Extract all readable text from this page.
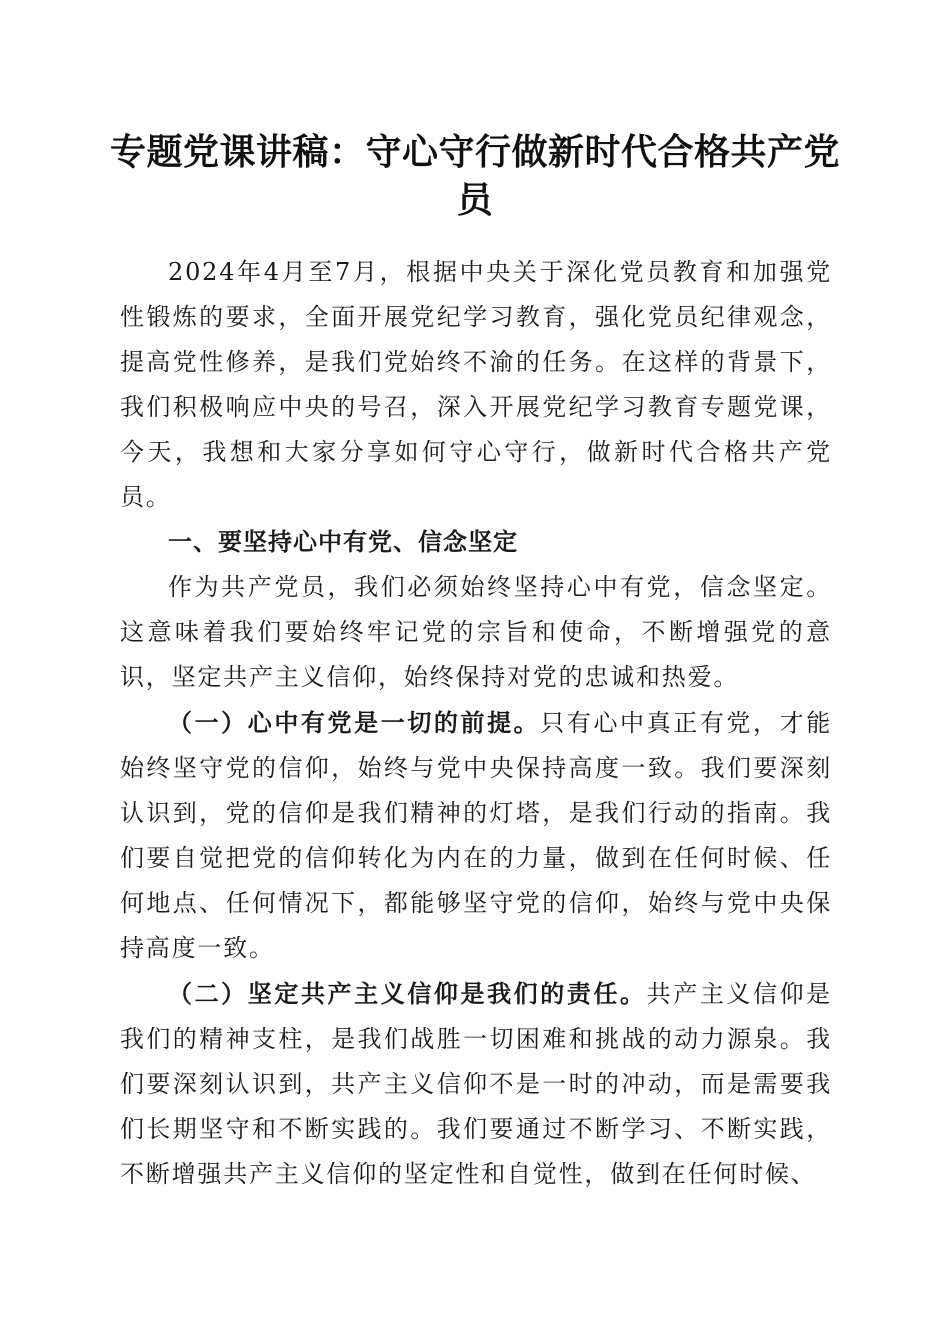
专题党课讲稿：守心守行做新时代合格共产党员

2024年4月至7月，根据中央关于深化党员教育和加强党性锻炼的要求，全面开展党纪学习教育，强化党员纪律观念，提高党性修养，是我们党始终不渝的任务。在这样的背景下，我们积极响应中央的号召，深入开展党纪学习教育专题党课，今天，我想和大家分享如何守心守行，做新时代合格共产党员。

一、要坚持心中有党、信念坚定

作为共产党员，我们必须始终坚持心中有党，信念坚定。这意味着我们要始终牢记党的宗旨和使命，不断增强党的意识，坚定共产主义信仰，始终保持对党的忠诚和热爱。

（一）心中有党是一切的前提。只有心中真正有党，才能始终坚守党的信仰，始终与党中央保持高度一致。我们要深刻认识到，党的信仰是我们精神的灯塔，是我们行动的指南。我们要自觉把党的信仰转化为内在的力量，做到在任何时候、任何地点、任何情况下，都能够坚守党的信仰，始终与党中央保持高度一致。

（二）坚定共产主义信仰是我们的责任。共产主义信仰是我们的精神支柱，是我们战胜一切困难和挑战的动力源泉。我们要深刻认识到，共产主义信仰不是一时的冲动，而是需要我们长期坚守和不断实践的。我们要通过不断学习、不断实践，不断增强共产主义信仰的坚定性和自觉性，做到在任何时候、
